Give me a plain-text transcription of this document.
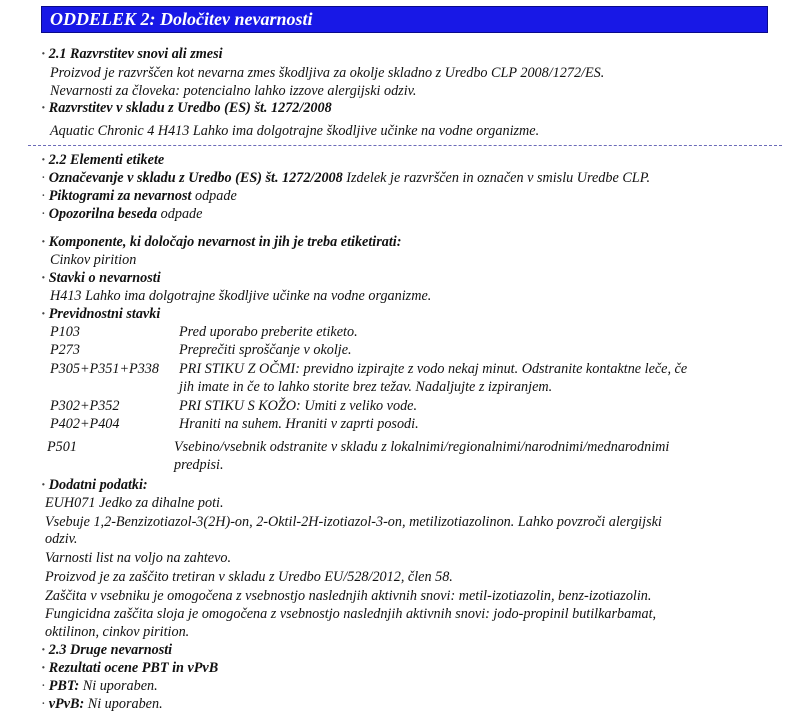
ODDELEK 2: Določitev nevarnosti
· 2.1 Razvrstitev snovi ali zmesi
Proizvod je razvrščen kot nevarna zmes škodljiva za okolje skladno z Uredbo CLP 2008/1272/ES.
Nevarnosti za človeka: potencialno lahko izzove alergijski odziv.
· Razvrstitev v skladu z Uredbo (ES) št. 1272/2008
Aquatic Chronic 4 H413 Lahko ima dolgotrajne škodljive učinke na vodne organizme.
· 2.2 Elementi etikete
· Označevanje v skladu z Uredbo (ES) št. 1272/2008 Izdelek je razvrščen in označen v smislu Uredbe CLP.
· Piktogrami za nevarnost odpade
· Opozorilna beseda odpade
· Komponente, ki določajo nevarnost in jih je treba etiketirati:
Cinkov pirition
· Stavki o nevarnosti
H413 Lahko ima dolgotrajne škodljive učinke na vodne organizme.
· Previdnostni stavki
P103	Pred uporabo preberite etiketo.
P273	Preprečiti sproščanje v okolje.
P305+P351+P338 PRI STIKU Z OČMI: previdno izpirajte z vodo nekaj minut. Odstranite kontaktne leče, če
jih imate in če to lahko storite brez težav. Nadaljujte z izpiranjem.
P302+P352	PRI STIKU S KOŽO: Umiti z veliko vode.
P402+P404	Hraniti na suhem. Hraniti v zaprti posodi.
P501	Vsebino/vsebnik odstranite v skladu z lokalnimi/regionalnimi/narodnimi/mednarodnimi
predpisi.
· Dodatni podatki:
EUH071 Jedko za dihalne poti.
Vsebuje 1,2-Benzizotiazol-3(2H)-on, 2-Oktil-2H-izotiazol-3-on, metilizotiazolinon. Lahko povzroči alergijski
odziv.
Varnosti list na voljo na zahtevo.
Proizvod je za zaščito tretiran v skladu z Uredbo EU/528/2012, člen 58.
Zaščita v vsebniku je omogočena z vsebnostjo naslednjih aktivnih snovi: metil-izotiazolin, benz-izotiazolin.
Fungicidna zaščita sloja je omogočena z vsebnostjo naslednjih aktivnih snovi: jodo-propinil butilkarbamat,
oktilinon, cinkov pirition.
· 2.3 Druge nevarnosti
· Rezultati ocene PBT in vPvB
· PBT: Ni uporaben.
· vPvB: Ni uporaben.
